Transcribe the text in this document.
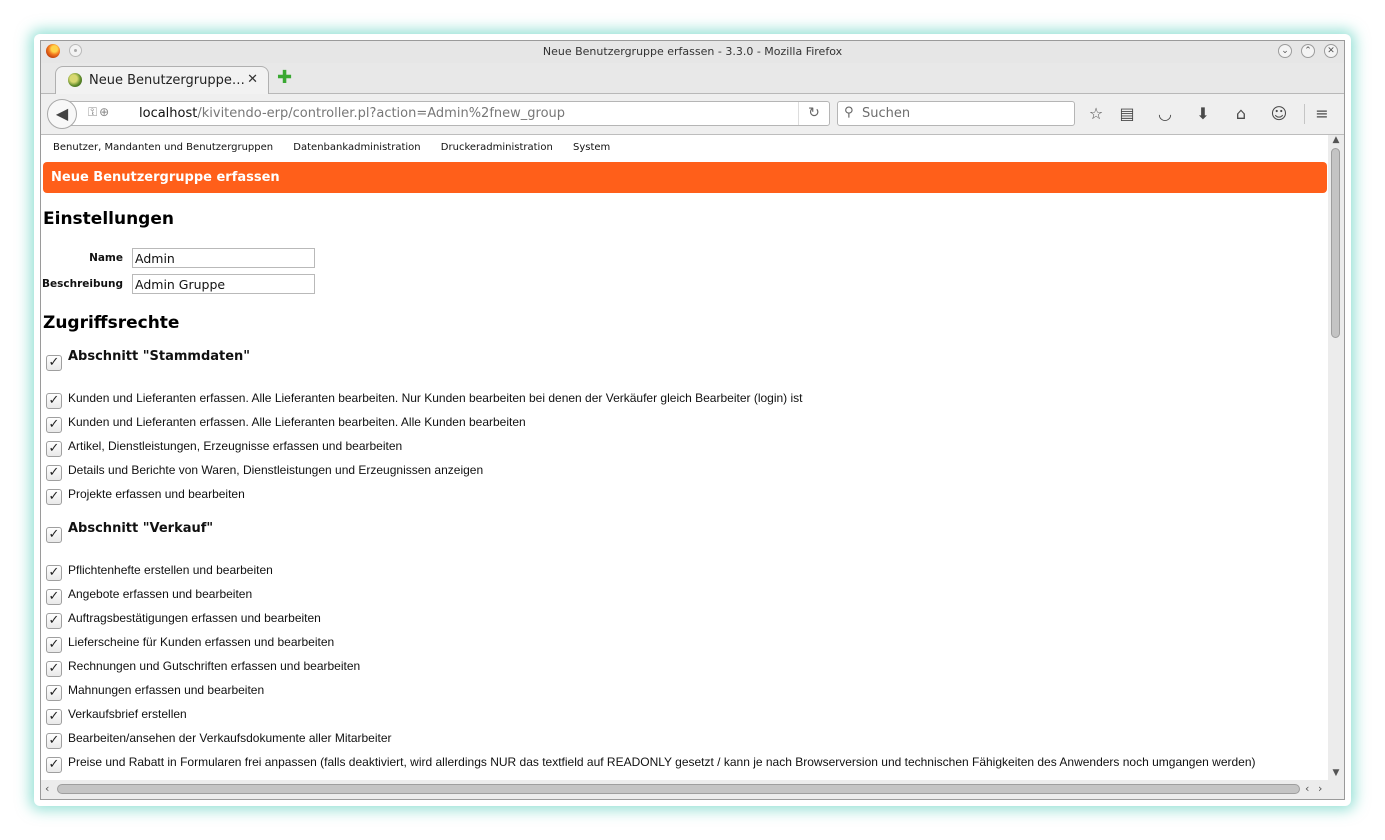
Neue Benutzergruppe erfassen - 3.3.0 - Mozilla Firefox	⌄	⌃	✕
Neue Benutzergruppe… ✕ ✚
◀	⚿⊕ localhost/kivitendo-erp/controller.pl?action=Admin%2fnew_group	↻	⚲
Suchen	☆ ▤ ◡ ⬇	⌂	☺ ≡
Benutzer, Mandanten und Benutzergruppen Datenbankadministration Druckeradministration System
Neue Benutzergruppe erfassen
Einstellungen
Name
Admin
Beschreibung
Admin Gruppe
Zugriffsrechte
✓ Abschnitt "Stammdaten"
✓ Kunden und Lieferanten erfassen. Alle Lieferanten bearbeiten. Nur Kunden bearbeiten bei denen der Verkäufer gleich Bearbeiter (login) ist
✓ Kunden und Lieferanten erfassen. Alle Lieferanten bearbeiten. Alle Kunden bearbeiten
✓ Artikel, Dienstleistungen, Erzeugnisse erfassen und bearbeiten
✓ Details und Berichte von Waren, Dienstleistungen und Erzeugnissen anzeigen
✓ Projekte erfassen und bearbeiten
✓ Abschnitt "Verkauf"
✓ Pflichtenhefte erstellen und bearbeiten
✓ Angebote erfassen und bearbeiten
✓ Auftragsbestätigungen erfassen und bearbeiten
✓ Lieferscheine für Kunden erfassen und bearbeiten
✓ Rechnungen und Gutschriften erfassen und bearbeiten
✓ Mahnungen erfassen und bearbeiten
✓ Verkaufsbrief erstellen
✓ Bearbeiten/ansehen der Verkaufsdokumente aller Mitarbeiter
✓ Preise und Rabatt in Formularen frei anpassen (falls deaktiviert, wird allerdings NUR das textfield auf READONLY gesetzt / kann je nach Browserversion und technischen Fähigkeiten des Anwenders noch umgangen werden)
▲
▼
‹	‹ ›
